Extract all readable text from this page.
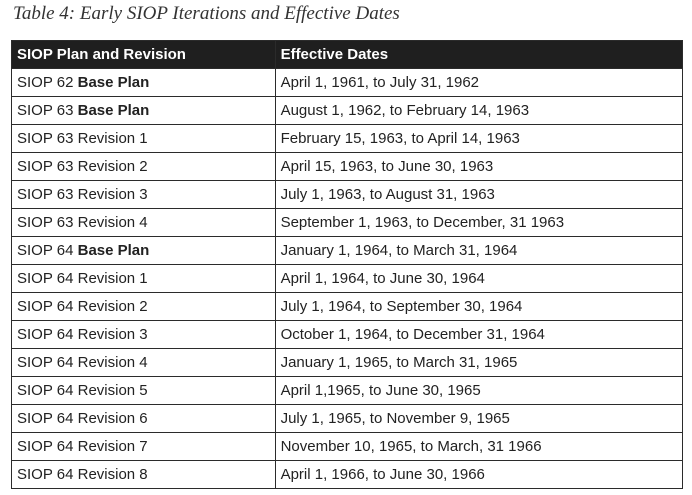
Table 4: Early SIOP Iterations and Effective Dates
SIOP Plan and Revision	Effective Dates
SIOP 62 Base Plan	April 1, 1961, to July 31, 1962
SIOP 63 Base Plan	August 1, 1962, to February 14, 1963
SIOP 63 Revision 1	February 15, 1963, to April 14, 1963
SIOP 63 Revision 2	April 15, 1963, to June 30, 1963
SIOP 63 Revision 3	July 1, 1963, to August 31, 1963
SIOP 63 Revision 4	September 1, 1963, to December, 31 1963
SIOP 64 Base Plan	January 1, 1964, to March 31, 1964
SIOP 64 Revision 1	April 1, 1964, to June 30, 1964
SIOP 64 Revision 2	July 1, 1964, to September 30, 1964
SIOP 64 Revision 3	October 1, 1964, to December 31, 1964
SIOP 64 Revision 4	January 1, 1965, to March 31, 1965
SIOP 64 Revision 5	April 1,1965, to June 30, 1965
SIOP 64 Revision 6	July 1, 1965, to November 9, 1965
SIOP 64 Revision 7	November 10, 1965, to March, 31 1966
SIOP 64 Revision 8	April 1, 1966, to June 30, 1966
